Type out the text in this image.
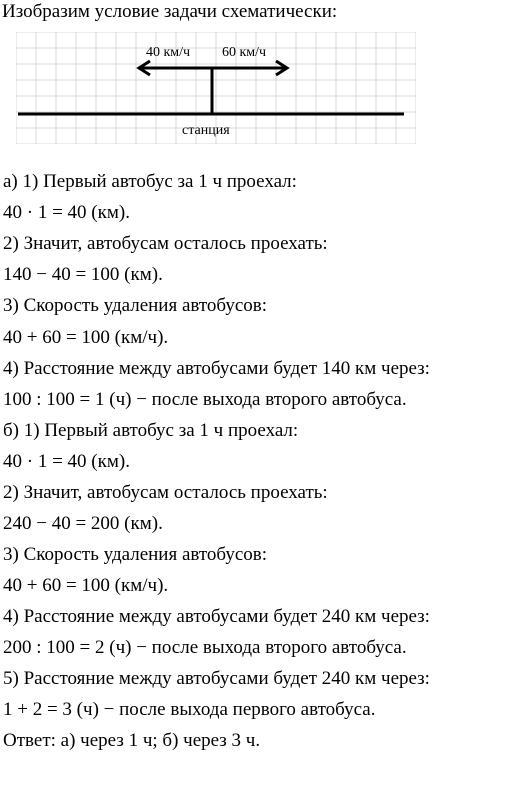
Изобразим условие задачи схематически:
40 км/ч 60 км/ч
станция
а) 1) Первый автобус за 1 ч проехал:
40 · 1 = 40 (км).
2) Значит, автобусам осталось проехать:
140 − 40 = 100 (км).
3) Скорость удаления автобусов:
40 + 60 = 100 (км/ч).
4) Расстояние между автобусами будет 140 км через:
100 : 100 = 1 (ч) − после выхода второго автобуса.
б) 1) Первый автобус за 1 ч проехал:
40 · 1 = 40 (км).
2) Значит, автобусам осталось проехать:
240 − 40 = 200 (км).
3) Скорость удаления автобусов:
40 + 60 = 100 (км/ч).
4) Расстояние между автобусами будет 240 км через:
200 : 100 = 2 (ч) − после выхода второго автобуса.
5) Расстояние между автобусами будет 240 км через:
1 + 2 = 3 (ч) − после выхода первого автобуса.
Ответ: а) через 1 ч; б) через 3 ч.
